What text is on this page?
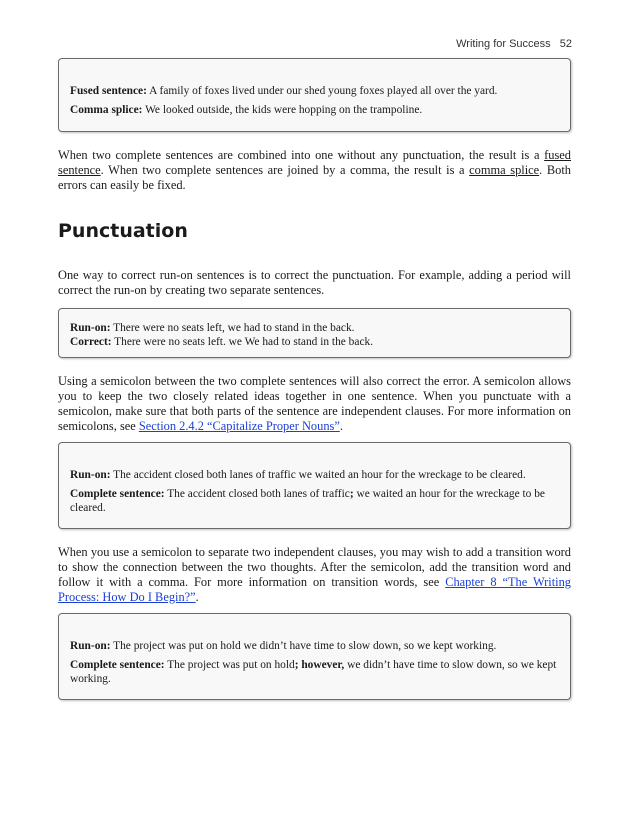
Writing for Success 52

Fused sentence: A family of foxes lived under our shed young foxes played all over the yard.

Comma splice: We looked outside, the kids were hopping on the trampoline.

When two complete sentences are combined into one without any punctuation, the result is a fused sentence. When two complete sentences are joined by a comma, the result is a comma splice. Both errors can easily be fixed.

Punctuation

One way to correct run-on sentences is to correct the punctuation. For example, adding a period will correct the run-on by creating two separate sentences.

Run-on: There were no seats left, we had to stand in the back.

Correct: There were no seats left. we We had to stand in the back.

Using a semicolon between the two complete sentences will also correct the error. A semicolon allows you to keep the two closely related ideas together in one sentence. When you punctuate with a semicolon, make sure that both parts of the sentence are independent clauses. For more information on semicolons, see Section 2.4.2 “Capitalize Proper Nouns”.

Run-on: The accident closed both lanes of traffic we waited an hour for the wreckage to be cleared.

Complete sentence: The accident closed both lanes of traffic; we waited an hour for the wreckage to be cleared.

When you use a semicolon to separate two independent clauses, you may wish to add a transition word to show the connection between the two thoughts. After the semicolon, add the transition word and follow it with a comma. For more information on transition words, see Chapter 8 “The Writing Process: How Do I Begin?”.

Run-on: The project was put on hold we didn’t have time to slow down, so we kept working.

Complete sentence: The project was put on hold; however, we didn’t have time to slow down, so we kept working.
